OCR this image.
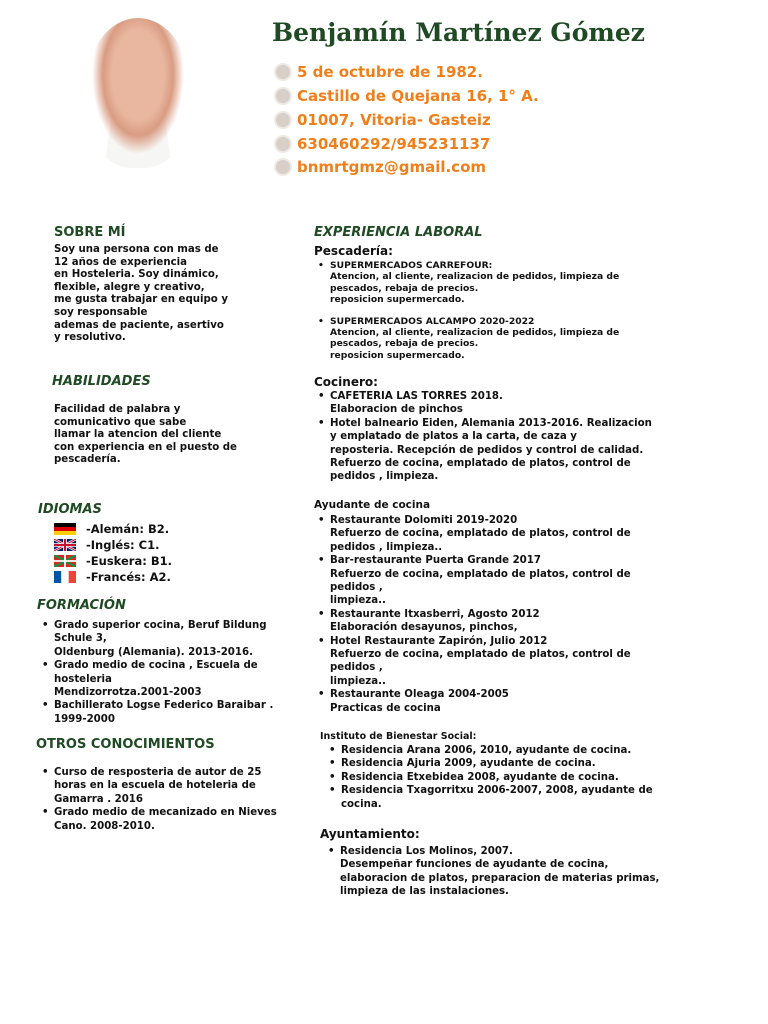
Benjamín Martínez Gómez
5 de octubre de 1982.
Castillo de Quejana 16, 1° A.
01007, Vitoria- Gasteiz
630460292/945231137
bnmrtgmz@gmail.com
SOBRE MÍ
Soy una persona con mas de
12 años de experiencia
en Hosteleria. Soy dinámico,
flexible, alegre y creativo,
me gusta trabajar en equipo y
soy responsable
ademas de paciente, asertivo
y resolutivo.
HABILIDADES
Facilidad de palabra y
comunicativo que sabe
llamar la atencion del cliente
con experiencia en el puesto de
pescadería.
IDIOMAS
-Alemán: B2.
-Inglés: C1.
-Euskera: B1.
-Francés: A2.
FORMACIÓN
• Grado superior cocina, Beruf Bildung
Schule 3,
Oldenburg (Alemania). 2013-2016.
• Grado medio de cocina , Escuela de
hosteleria
Mendizorrotza.2001-2003
• Bachillerato Logse Federico Baraibar .
1999-2000
OTROS CONOCIMIENTOS
• Curso de resposteria de autor de 25
horas en la escuela de hoteleria de
Gamarra . 2016
• Grado medio de mecanizado en Nieves
Cano. 2008-2010.
EXPERIENCIA LABORAL
Pescadería:
• SUPERMERCADOS CARREFOUR:
Atencion, al cliente, realizacion de pedidos, limpieza de
pescados, rebaja de precios.
reposicion supermercado.
• SUPERMERCADOS ALCAMPO 2020-2022
Atencion, al cliente, realizacion de pedidos, limpieza de
pescados, rebaja de precios.
reposicion supermercado.
Cocinero:
• CAFETERIA LAS TORRES 2018.
Elaboracion de pinchos
• Hotel balneario Eiden, Alemania 2013-2016. Realizacion
y emplatado de platos a la carta, de caza y
reposteria. Recepción de pedidos y control de calidad.
Refuerzo de cocina, emplatado de platos, control de
pedidos , limpieza.
Ayudante de cocina
• Restaurante Dolomiti 2019-2020
Refuerzo de cocina, emplatado de platos, control de
pedidos , limpieza..
• Bar-restaurante Puerta Grande 2017
Refuerzo de cocina, emplatado de platos, control de
pedidos ,
limpieza..
• Restaurante Itxasberri, Agosto 2012
Elaboración desayunos, pinchos,
• Hotel Restaurante Zapirón, Julio 2012
Refuerzo de cocina, emplatado de platos, control de
pedidos ,
limpieza..
• Restaurante Oleaga 2004-2005
Practicas de cocina
Instituto de Bienestar Social:
• Residencia Arana 2006, 2010, ayudante de cocina.
• Residencia Ajuria 2009, ayudante de cocina.
• Residencia Etxebidea 2008, ayudante de cocina.
• Residencia Txagorritxu 2006-2007, 2008, ayudante de
cocina.
Ayuntamiento:
• Residencia Los Molinos, 2007.
Desempeñar funciones de ayudante de cocina,
elaboracion de platos, preparacion de materias primas,
limpieza de las instalaciones.
